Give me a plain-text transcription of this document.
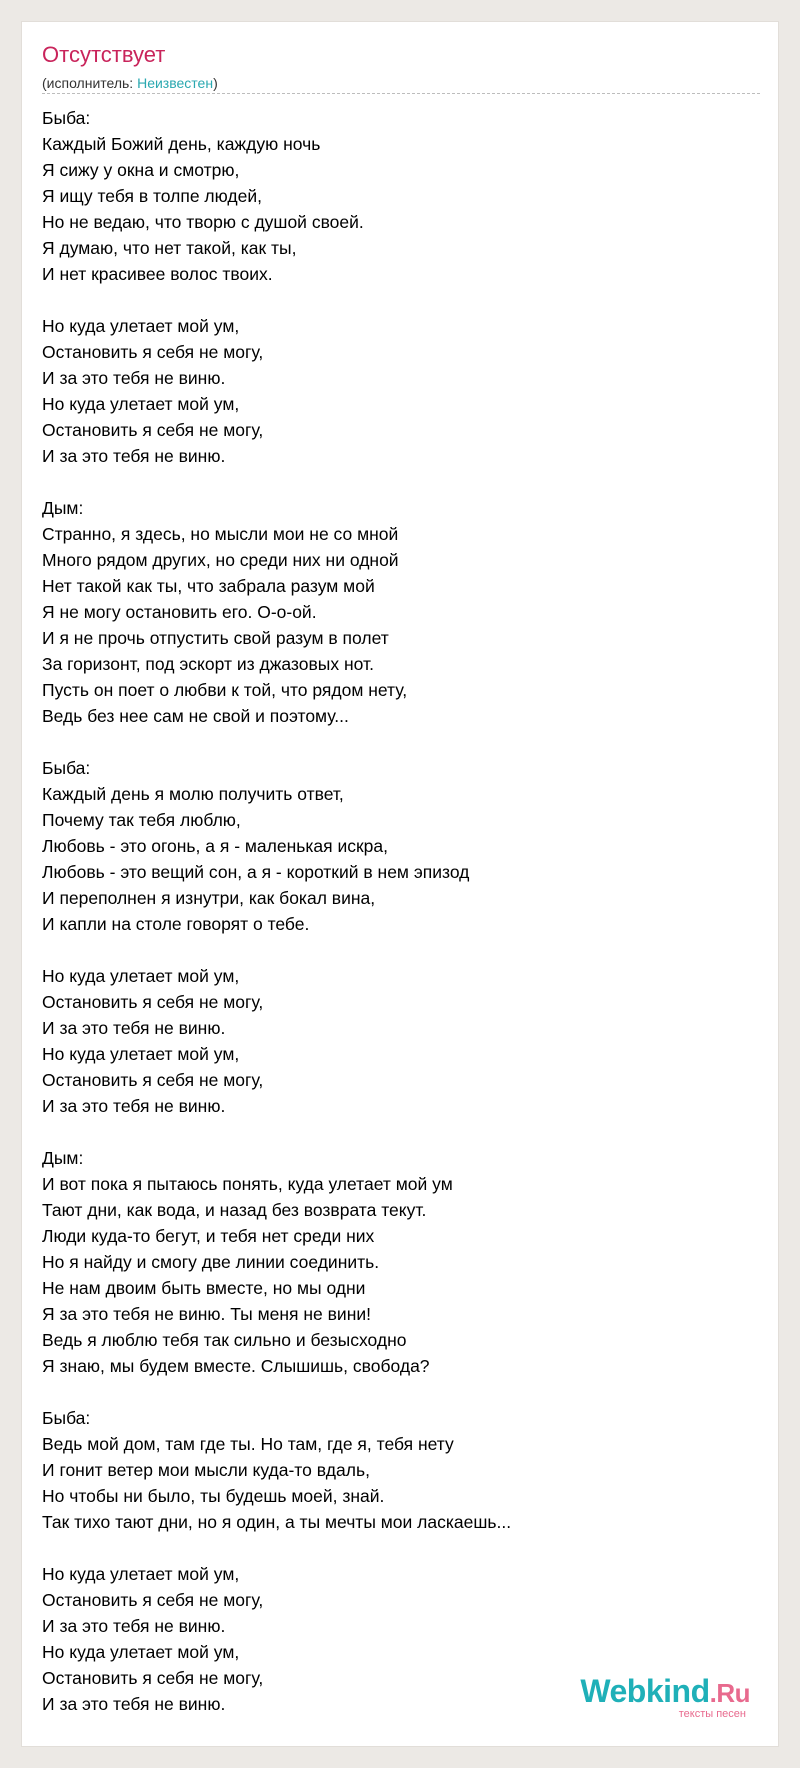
Отсутствует
(исполнитель: Неизвестен)
Быба:
Каждый Божий день, каждую ночь
Я сижу у окна и смотрю,
Я ищу тебя в толпе людей,
Но не ведаю, что творю с душой своей.
Я думаю, что нет такой, как ты,
И нет красивее волос твоих.
Но куда улетает мой ум,
Остановить я себя не могу,
И за это тебя не виню.
Но куда улетает мой ум,
Остановить я себя не могу,
И за это тебя не виню.
Дым:
Странно, я здесь, но мысли мои не со мной
Много рядом других, но среди них ни одной
Нет такой как ты, что забрала разум мой
Я не могу остановить его. О-о-ой.
И я не прочь отпустить свой разум в полет
За горизонт, под эскорт из джазовых нот.
Пусть он поет о любви к той, что рядом нету,
Ведь без нее сам не свой и поэтому...
Быба:
Каждый день я молю получить ответ,
Почему так тебя люблю,
Любовь - это огонь, а я - маленькая искра,
Любовь - это вещий сон, а я - короткий в нем эпизод
И переполнен я изнутри, как бокал вина,
И капли на столе говорят о тебе.
Но куда улетает мой ум,
Остановить я себя не могу,
И за это тебя не виню.
Но куда улетает мой ум,
Остановить я себя не могу,
И за это тебя не виню.
Дым:
И вот пока я пытаюсь понять, куда улетает мой ум
Тают дни, как вода, и назад без возврата текут.
Люди куда-то бегут, и тебя нет среди них
Но я найду и смогу две линии соединить.
Не нам двоим быть вместе, но мы одни
Я за это тебя не виню. Ты меня не вини!
Ведь я люблю тебя так сильно и безысходно
Я знаю, мы будем вместе. Слышишь, свобода?
Быба:
Ведь мой дом, там где ты. Но там, где я, тебя нету
И гонит ветер мои мысли куда-то вдаль,
Но чтобы ни было, ты будешь моей, знай.
Так тихо тают дни, но я один, а ты мечты мои ласкаешь...
Но куда улетает мой ум,
Остановить я себя не могу,
И за это тебя не виню.
Но куда улетает мой ум,
Остановить я себя не могу,
И за это тебя не виню.	Webkind.Ru
тексты песен
